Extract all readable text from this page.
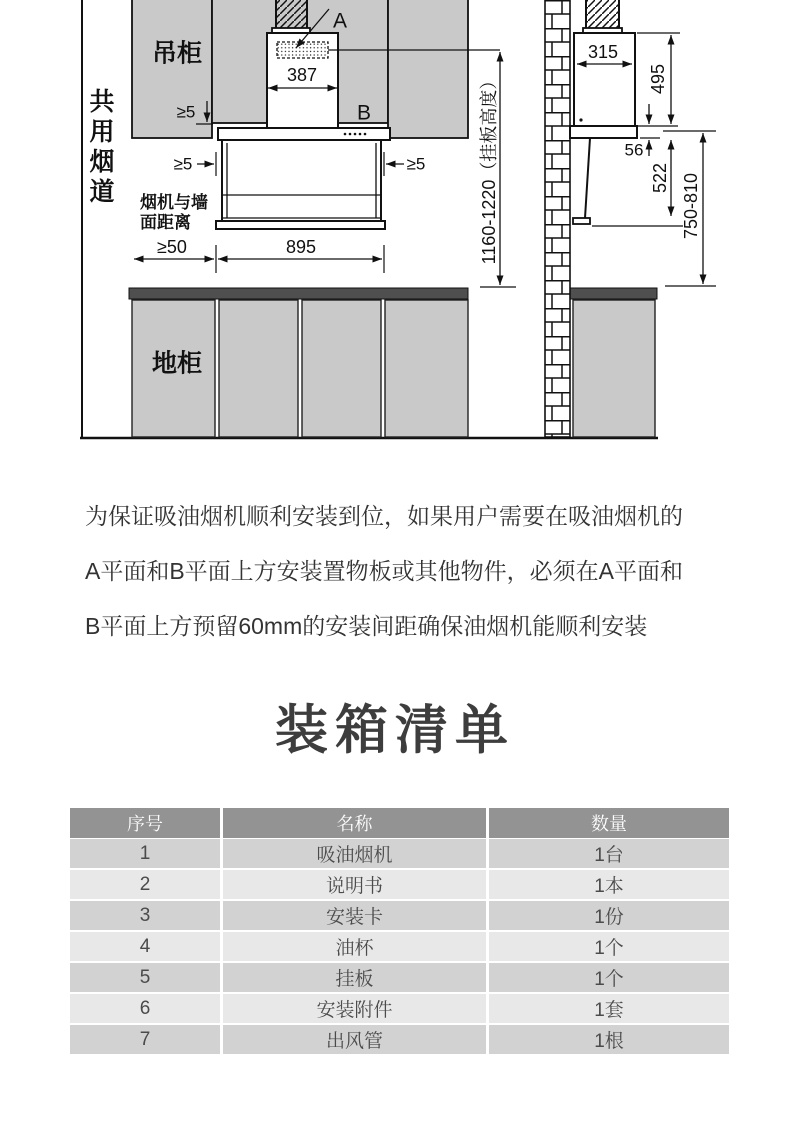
共用烟道
吊柜
地柜
烟机与墙
面距离
A
B
387
≥5
≥5	≥5
≥50	895	1160-1220（挂板高度）
315
495
56
522 750-810
为保证吸油烟机顺利安装到位，如果用户需要在吸油烟机的
A平面和B平面上方安装置物板或其他物件，必须在A平面和
B平面上方预留60mm的安装间距确保油烟机能顺利安装
装箱清单
序号	名称	数量
1	吸油烟机	1台
2	说明书	1本
3	安装卡	1份
4	油杯	1个
5	挂板	1个
6	安装附件	1套
7	出风管	1根
